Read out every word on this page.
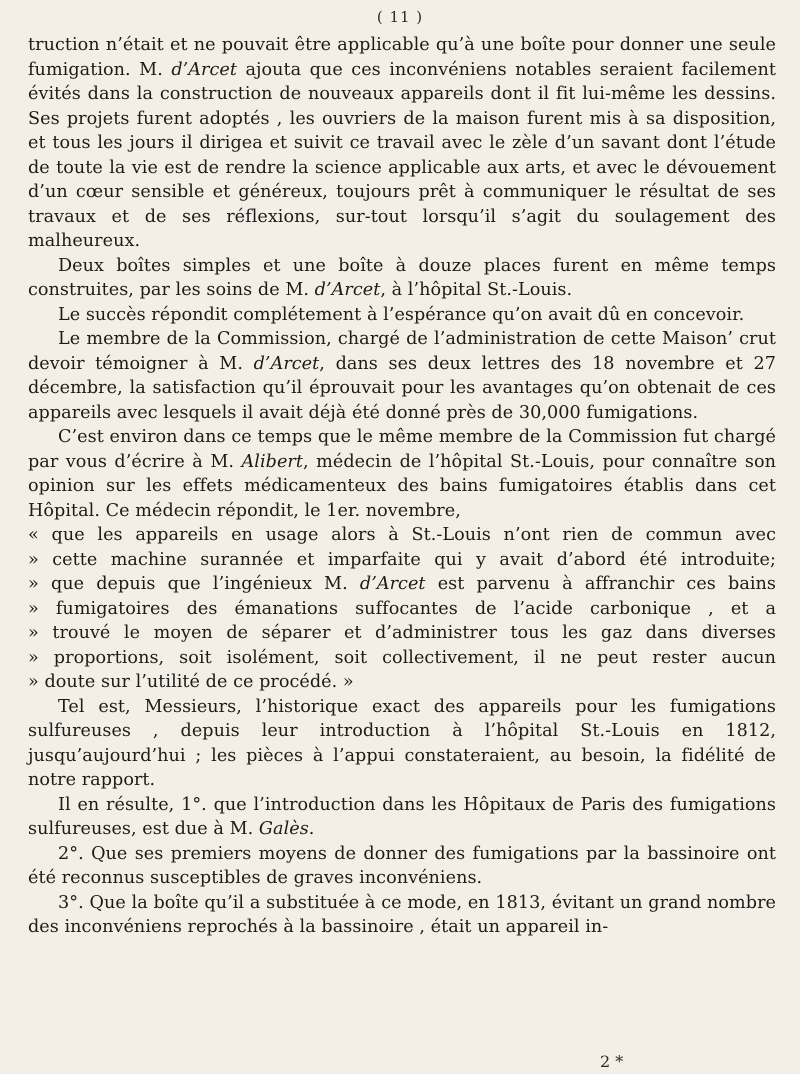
( 11 )

truction n’était et ne pouvait être applicable qu’à une boîte pour donner une seule fumigation. M. d’Arcet ajouta que ces inconvéniens notables seraient facilement évités dans la construction de nouveaux appareils dont il fit lui-même les dessins. Ses projets furent adoptés , les ouvriers de la maison furent mis à sa disposition, et tous les jours il dirigea et suivit ce travail avec le zèle d’un savant dont l’étude de toute la vie est de rendre la science applicable aux arts, et avec le dévouement d’un cœur sensible et généreux, toujours prêt à communiquer le résultat de ses travaux et de ses réflexions, sur-tout lorsqu’il s’agit du soulagement des malheureux.

Deux boîtes simples et une boîte à douze places furent en même temps construites, par les soins de M. d’Arcet, à l’hôpital St.-Louis.

Le succès répondit complétement à l’espérance qu’on avait dû en concevoir.

Le membre de la Commission, chargé de l’administration de cette Maison’ crut devoir témoigner à M. d’Arcet, dans ses deux lettres des 18 novembre et 27 décembre, la satisfaction qu’il éprouvait pour les avantages qu’on obtenait de ces appareils avec lesquels il avait déjà été donné près de 30,000 fumigations.

C’est environ dans ce temps que le même membre de la Commission fut chargé par vous d’écrire à M. Alibert, médecin de l’hôpital St.-Louis, pour connaître son opinion sur les effets médicamenteux des bains fumigatoires établis dans cet Hôpital. Ce médecin répondit, le 1er. novembre,

« que les appareils en usage alors à St.-Louis n’ont rien de commun avec

» cette machine surannée et imparfaite qui y avait d’abord été introduite;

» que depuis que l’ingénieux M. d’Arcet est parvenu à affranchir ces bains

» fumigatoires des émanations suffocantes de l’acide carbonique , et a

» trouvé le moyen de séparer et d’administrer tous les gaz dans diverses

» proportions, soit isolément, soit collectivement, il ne peut rester aucun

» doute sur l’utilité de ce procédé. »

Tel est, Messieurs, l’historique exact des appareils pour les fumigations sulfureuses , depuis leur introduction à l’hôpital St.-Louis en 1812, jusqu’aujourd’hui ; les pièces à l’appui constateraient, au besoin, la fidélité de notre rapport.

Il en résulte, 1°. que l’introduction dans les Hôpitaux de Paris des fumigations sulfureuses, est due à M. Galès.

2°. Que ses premiers moyens de donner des fumigations par la bassinoire ont été reconnus susceptibles de graves inconvéniens.

3°. Que la boîte qu’il a substituée à ce mode, en 1813, évitant un grand nombre des inconvéniens reprochés à la bassinoire , était un appareil in-

2 *
